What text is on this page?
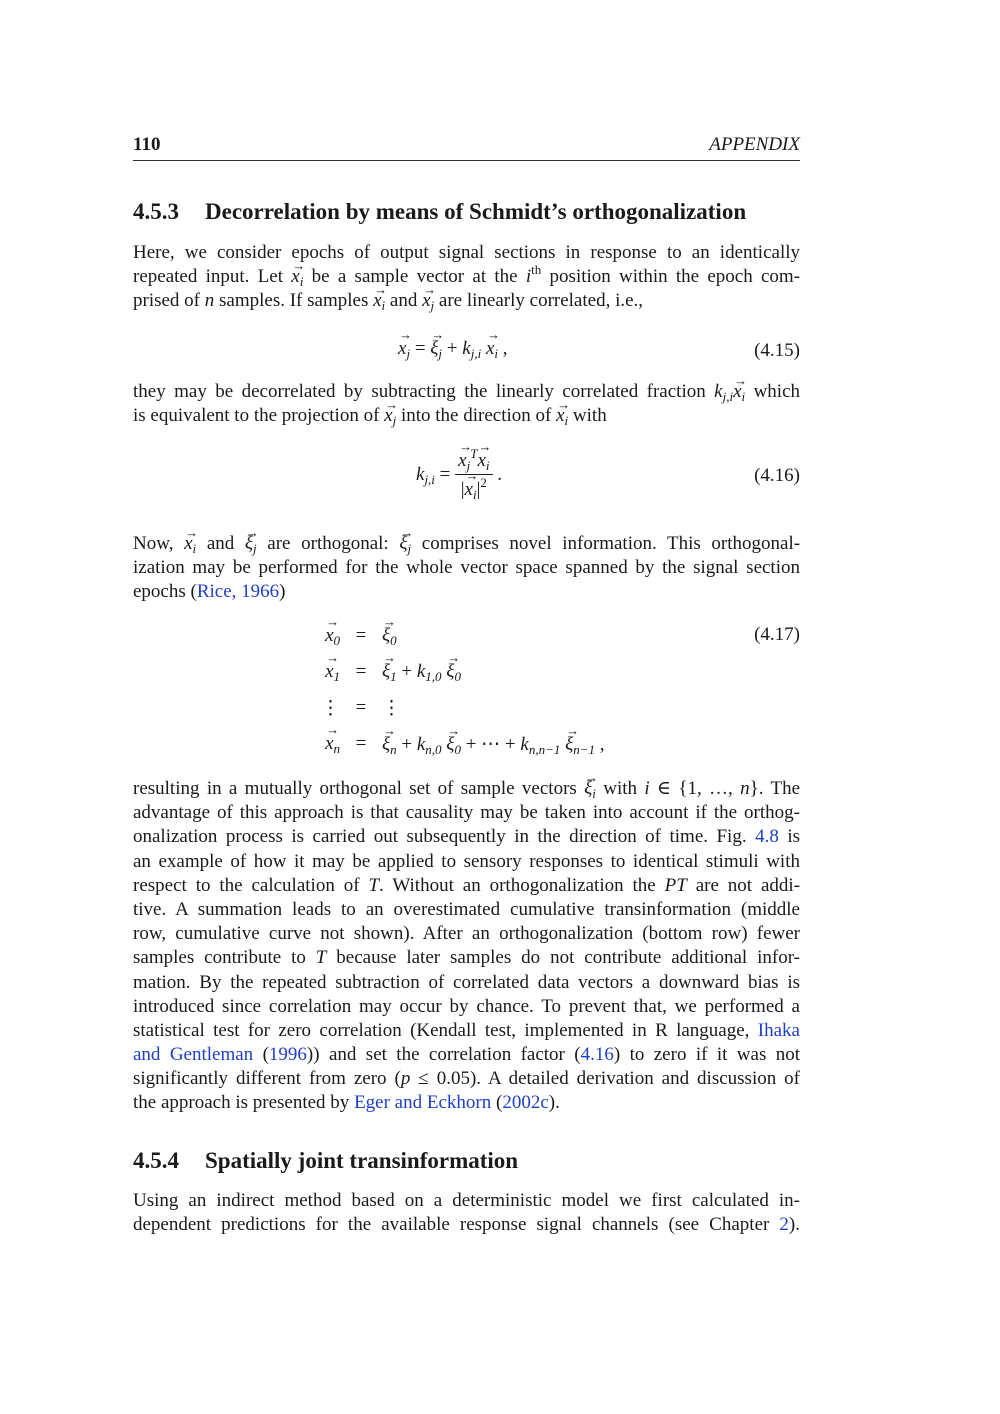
110	APPENDIX
4.5.3 Decorrelation by means of Schmidt’s orthogonalization
Here, we consider epochs of output signal sections in response to an identically
repeated input. Let → $x_i$ be a sample vector at the $i^{th}$ position within the epoch com-
prised of n samples. If samples → $x_i$ and → $x_j$ are linearly correlated, i.e.,
→ $x_j$ = → $\xi_j + k_{j,i} \to x_i$ ,	(4.15)
they may be decorrelated by subtracting the linearly correlated fraction $k_{j,i}\to x_i$ which
is equivalent to the projection of → $x_j$ into the direction of → $x_i$ with
$k_{j,i}$ = → $\frac{x_j^T\to x_i}{|\to x_i|^2}$ .	(4.16)
Now, → $x_i$ and → $\xi_j$ are orthogonal: → $\xi_j$ comprises novel information. This orthogonal-
ization may be performed for the whole vector space spanned by the signal section
epochs (Rice, 1966)
→ $x_0$	=	→ $\xi_0$
→ $x_1$	=	→ $\xi_1 + k_{1,0} \to \xi_0$
⋮	=	⋮
→ $x_n$	=	→ $\xi_n + k_{n,0} \to \xi_0$ + ⋯ + $k_{n,n-1} \to \xi_{n-1}$ ,
(4.17)
resulting in a mutually orthogonal set of sample vectors → $\xi_i$ with i ∈ {1, …, n}. The
advantage of this approach is that causality may be taken into account if the orthog-
onalization process is carried out subsequently in the direction of time. Fig. 4.8 is
an example of how it may be applied to sensory responses to identical stimuli with
respect to the calculation of T. Without an orthogonalization the PT are not addi-
tive. A summation leads to an overestimated cumulative transinformation (middle
row, cumulative curve not shown). After an orthogonalization (bottom row) fewer
samples contribute to T because later samples do not contribute additional infor-
mation. By the repeated subtraction of correlated data vectors a downward bias is
introduced since correlation may occur by chance. To prevent that, we performed a
statistical test for zero correlation (Kendall test, implemented in R language, Ihaka
and Gentleman (1996)) and set the correlation factor (4.16) to zero if it was not
significantly different from zero (p ≤ 0.05). A detailed derivation and discussion of
the approach is presented by Eger and Eckhorn (2002c).
4.5.4 Spatially joint transinformation
Using an indirect method based on a deterministic model we first calculated in-
dependent predictions for the available response signal channels (see Chapter 2).
